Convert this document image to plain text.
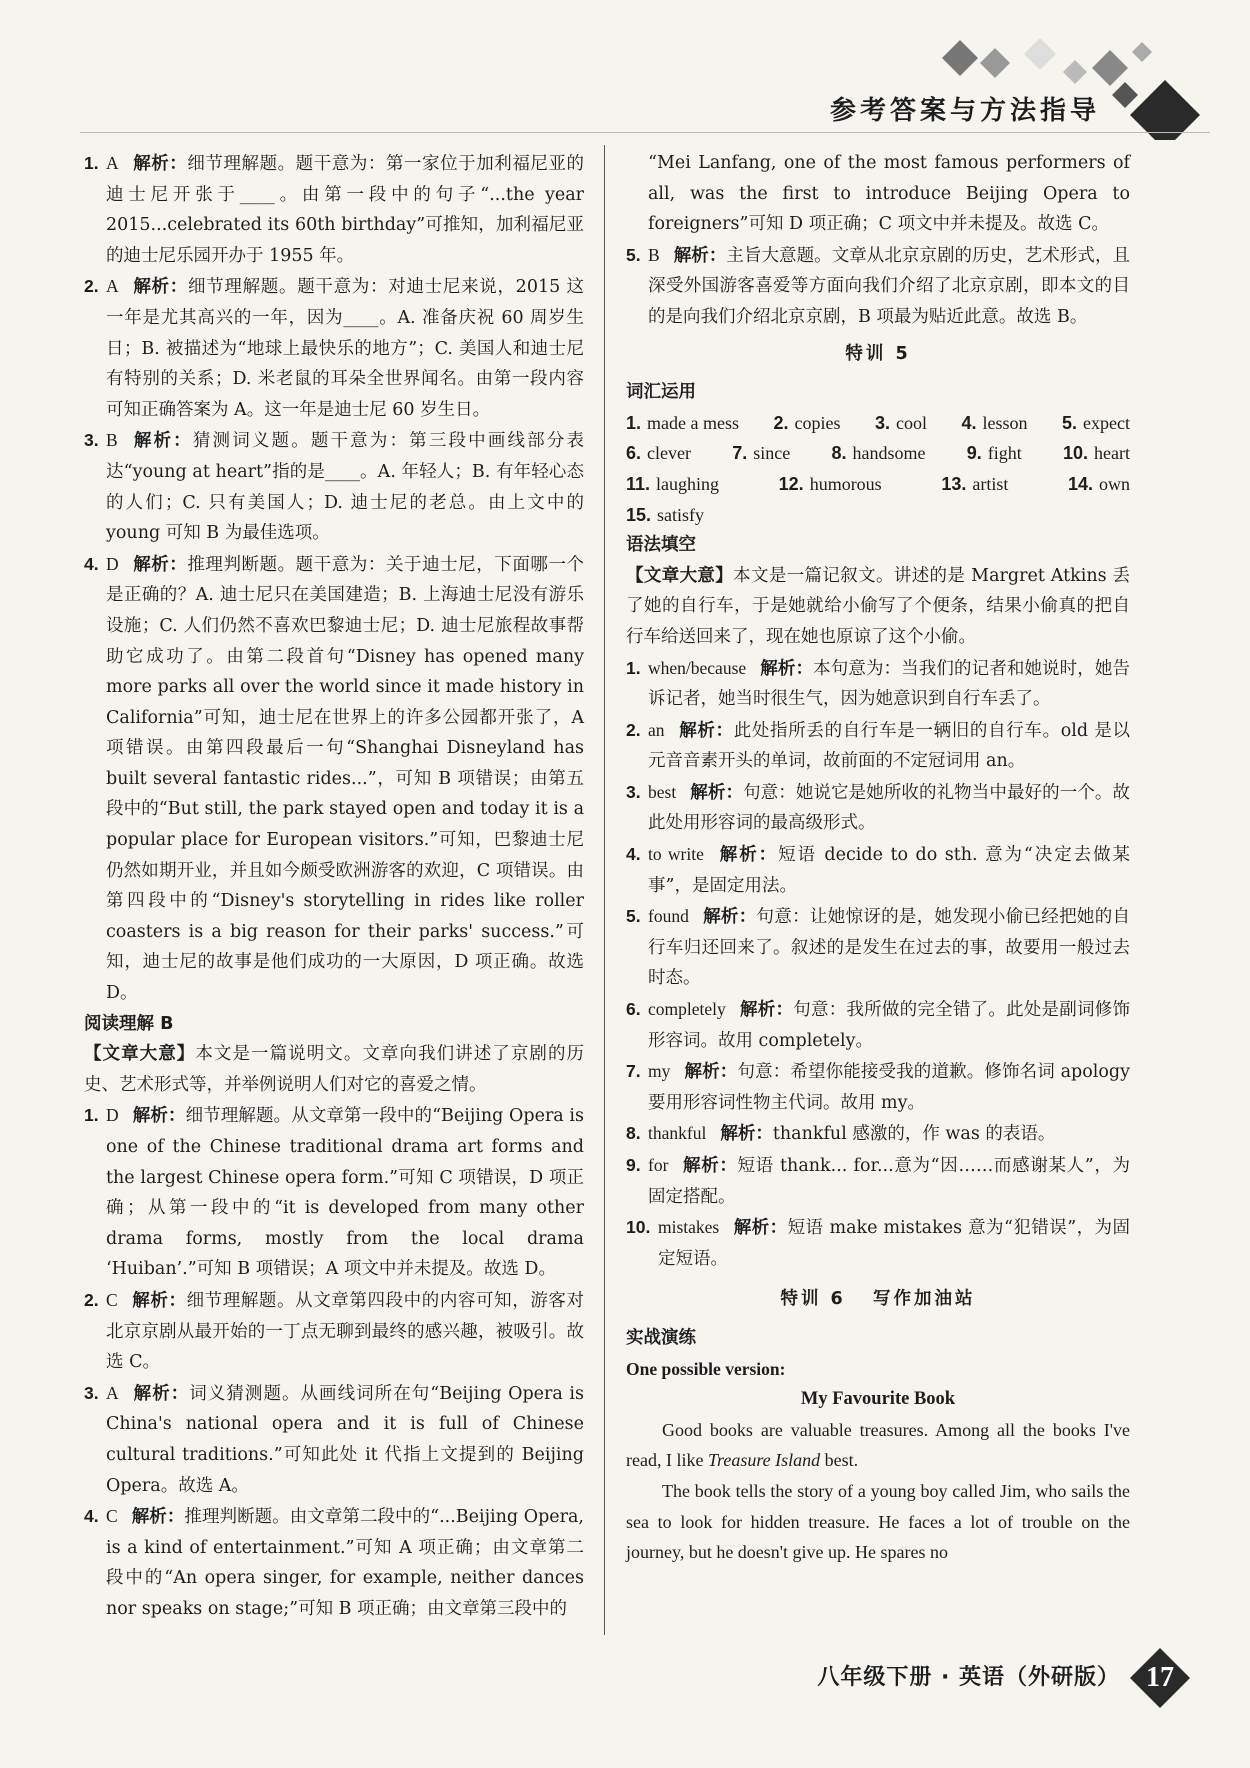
参考答案与方法指导

1. A 解析：细节理解题。题干意为：第一家位于加利福尼亚的迪士尼开张于____。由第一段中的句子“...the year 2015...celebrated its 60th birthday”可推知，加利福尼亚的迪士尼乐园开办于 1955 年。

2. A 解析：细节理解题。题干意为：对迪士尼来说，2015 这一年是尤其高兴的一年，因为____。A. 准备庆祝 60 周岁生日；B. 被描述为“地球上最快乐的地方”；C. 美国人和迪士尼有特别的关系；D. 米老鼠的耳朵全世界闻名。由第一段内容可知正确答案为 A。这一年是迪士尼 60 岁生日。

3. B 解析：猜测词义题。题干意为：第三段中画线部分表达“young at heart”指的是____。A. 年轻人；B. 有年轻心态的人们；C. 只有美国人；D. 迪士尼的老总。由上文中的 young 可知 B 为最佳选项。

4. D 解析：推理判断题。题干意为：关于迪士尼，下面哪一个是正确的？A. 迪士尼只在美国建造；B. 上海迪士尼没有游乐设施；C. 人们仍然不喜欢巴黎迪士尼；D. 迪士尼旅程故事帮助它成功了。由第二段首句“Disney has opened many more parks all over the world since it made history in California”可知，迪士尼在世界上的许多公园都开张了，A 项错误。由第四段最后一句“Shanghai Disneyland has built several fantastic rides...”，可知 B 项错误；由第五段中的“But still, the park stayed open and today it is a popular place for European visitors.”可知，巴黎迪士尼仍然如期开业，并且如今颇受欧洲游客的欢迎，C 项错误。由第四段中的“Disney's storytelling in rides like roller coasters is a big reason for their parks' success.”可知，迪士尼的故事是他们成功的一大原因，D 项正确。故选 D。

阅读理解 B

【文章大意】本文是一篇说明文。文章向我们讲述了京剧的历史、艺术形式等，并举例说明人们对它的喜爱之情。

1. D 解析：细节理解题。从文章第一段中的“Beijing Opera is one of the Chinese traditional drama art forms and the largest Chinese opera form.”可知 C 项错误，D 项正确；从第一段中的“it is developed from many other drama forms, mostly from the local drama ‘Huiban’.”可知 B 项错误；A 项文中并未提及。故选 D。

2. C 解析：细节理解题。从文章第四段中的内容可知，游客对北京京剧从最开始的一丁点无聊到最终的感兴趣，被吸引。故选 C。

3. A 解析：词义猜测题。从画线词所在句“Beijing Opera is China's national opera and it is full of Chinese cultural traditions.”可知此处 it 代指上文提到的 Beijing Opera。故选 A。

4. C 解析：推理判断题。由文章第二段中的“...Beijing Opera, is a kind of entertainment.”可知 A 项正确；由文章第二段中的“An opera singer, for example, neither dances nor speaks on stage;”可知 B 项正确；由文章第三段中的

“Mei Lanfang, one of the most famous performers of all, was the first to introduce Beijing Opera to foreigners”可知 D 项正确；C 项文中并未提及。故选 C。

5. B 解析：主旨大意题。文章从北京京剧的历史，艺术形式，且深受外国游客喜爱等方面向我们介绍了北京京剧，即本文的目的是向我们介绍北京京剧，B 项最为贴近此意。故选 B。

特训 5

词汇运用

1. made a mess 2. copies 3. cool 4. lesson 5. expect
6. clever 7. since 8. handsome 9. fight 10. heart
11. laughing	12. humorous	13. artist	14. own
15. satisfy

语法填空

【文章大意】本文是一篇记叙文。讲述的是 Margret Atkins 丢了她的自行车，于是她就给小偷写了个便条，结果小偷真的把自行车给送回来了，现在她也原谅了这个小偷。

1. when/because 解析：本句意为：当我们的记者和她说时，她告诉记者，她当时很生气，因为她意识到自行车丢了。

2. an 解析：此处指所丢的自行车是一辆旧的自行车。old 是以元音音素开头的单词，故前面的不定冠词用 an。

3. best 解析：句意：她说它是她所收的礼物当中最好的一个。故此处用形容词的最高级形式。

4. to write 解析：短语 decide to do sth. 意为“决定去做某事”，是固定用法。

5. found 解析：句意：让她惊讶的是，她发现小偷已经把她的自行车归还回来了。叙述的是发生在过去的事，故要用一般过去时态。

6. completely 解析：句意：我所做的完全错了。此处是副词修饰形容词。故用 completely。

7. my 解析：句意：希望你能接受我的道歉。修饰名词 apology 要用形容词性物主代词。故用 my。

8. thankful 解析：thankful 感激的，作 was 的表语。

9. for 解析：短语 thank... for...意为“因……而感谢某人”，为固定搭配。

10. mistakes 解析：短语 make mistakes 意为“犯错误”，为固定短语。

特训 6   写作加油站

实战演练

One possible version:

My Favourite Book

Good books are valuable treasures. Among all the books I've read, I like Treasure Island best.

The book tells the story of a young boy called Jim, who sails the sea to look for hidden treasure. He faces a lot of trouble on the journey, but he doesn't give up. He spares no

八年级下册 · 英语（外研版） 17
